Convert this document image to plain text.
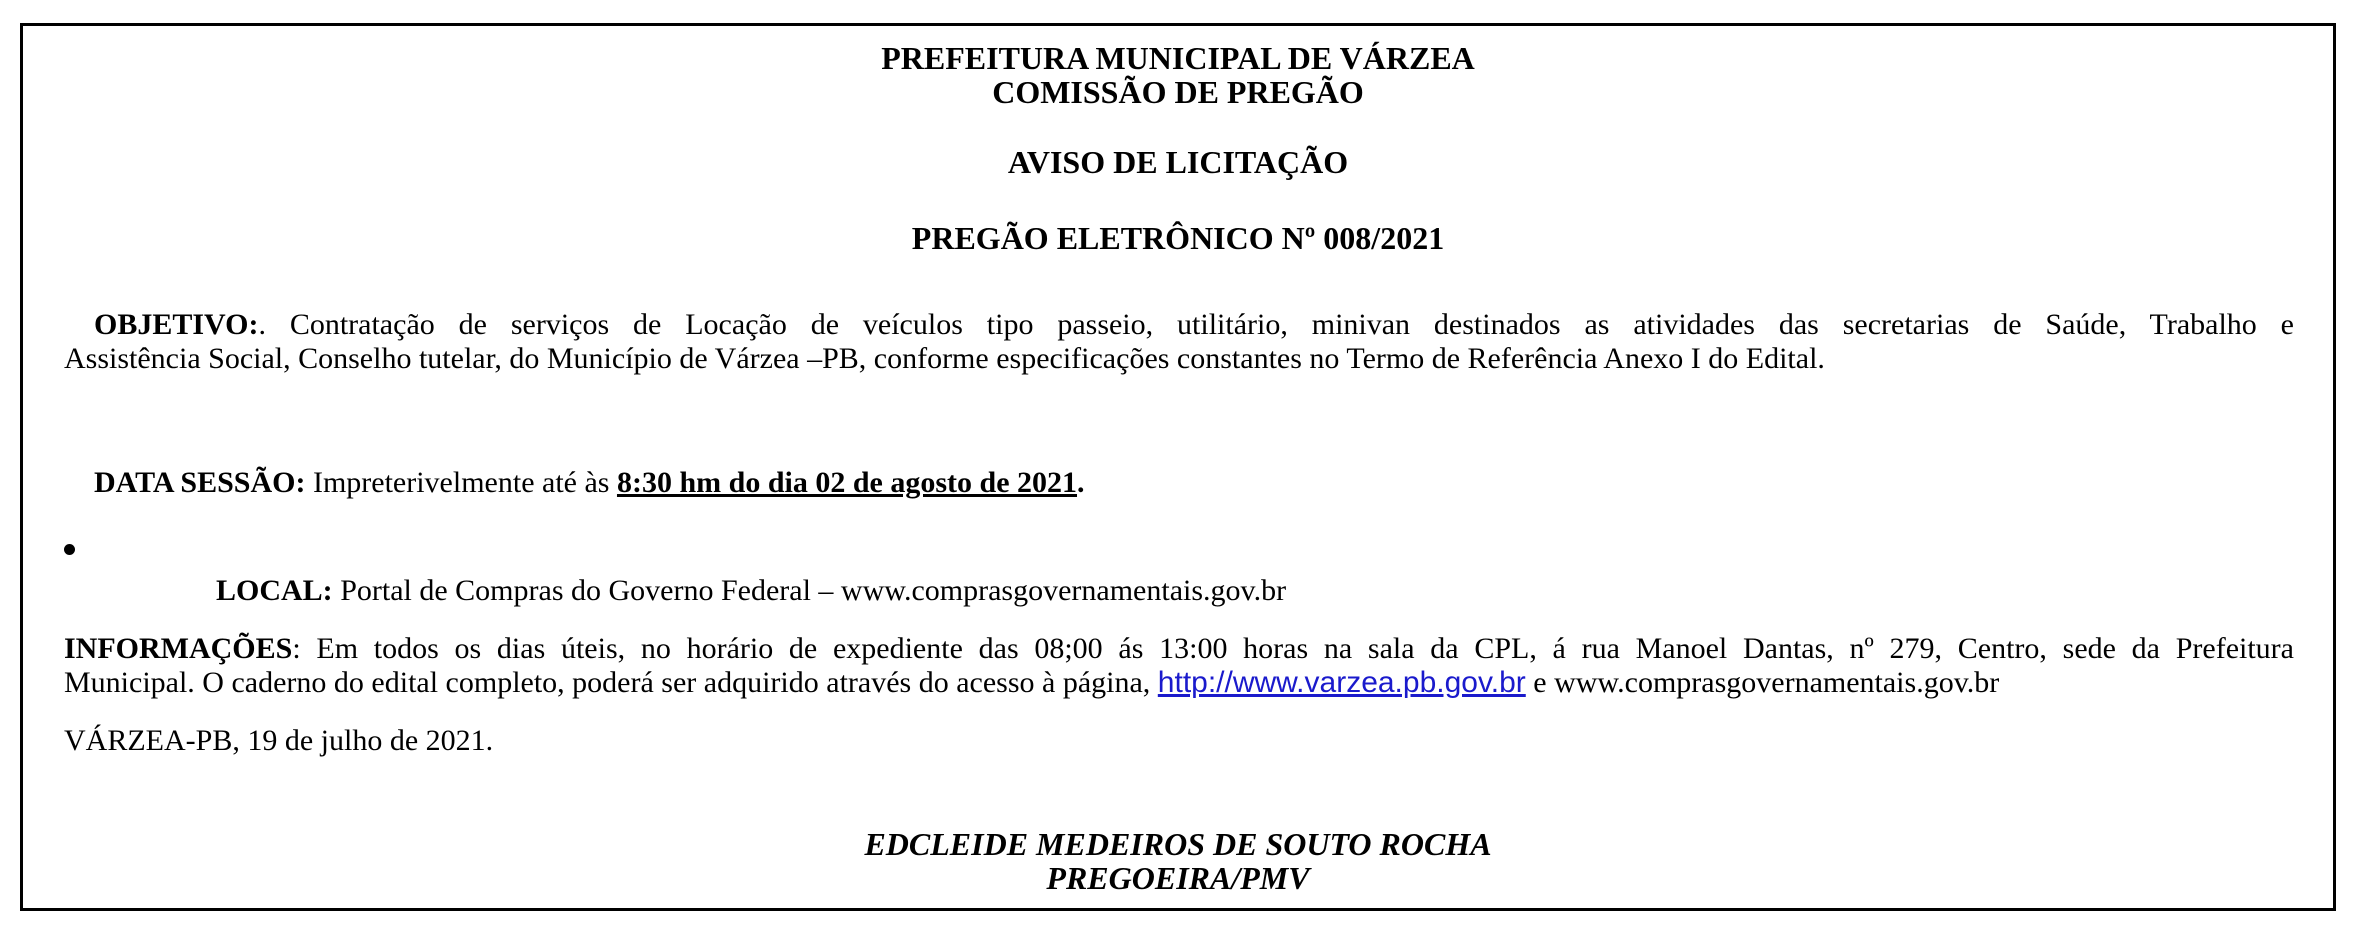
PREFEITURA MUNICIPAL DE VÁRZEA
COMISSÃO DE PREGÃO
AVISO DE LICITAÇÃO
PREGÃO ELETRÔNICO Nº 008/2021
OBJETIVO:. Contratação de serviços de Locação de veículos tipo passeio, utilitário, minivan destinados as atividades das secretarias de Saúde, Trabalho e
Assistência Social, Conselho tutelar, do Município de Várzea –PB, conforme especificações constantes no Termo de Referência Anexo I do Edital.
DATA SESSÃO: Impreterivelmente até às 8:30 hm do dia 02 de agosto de 2021.
LOCAL: Portal de Compras do Governo Federal – www.comprasgovernamentais.gov.br
INFORMAÇÕES: Em todos os dias úteis, no horário de expediente das 08;00 ás 13:00 horas na sala da CPL, á rua Manoel Dantas, nº 279, Centro, sede da Prefeitura
Municipal. O caderno do edital completo, poderá ser adquirido através do acesso à página, http://www.varzea.pb.gov.br e www.comprasgovernamentais.gov.br
VÁRZEA-PB, 19 de julho de 2021.
EDCLEIDE MEDEIROS DE SOUTO ROCHA
PREGOEIRA/PMV
